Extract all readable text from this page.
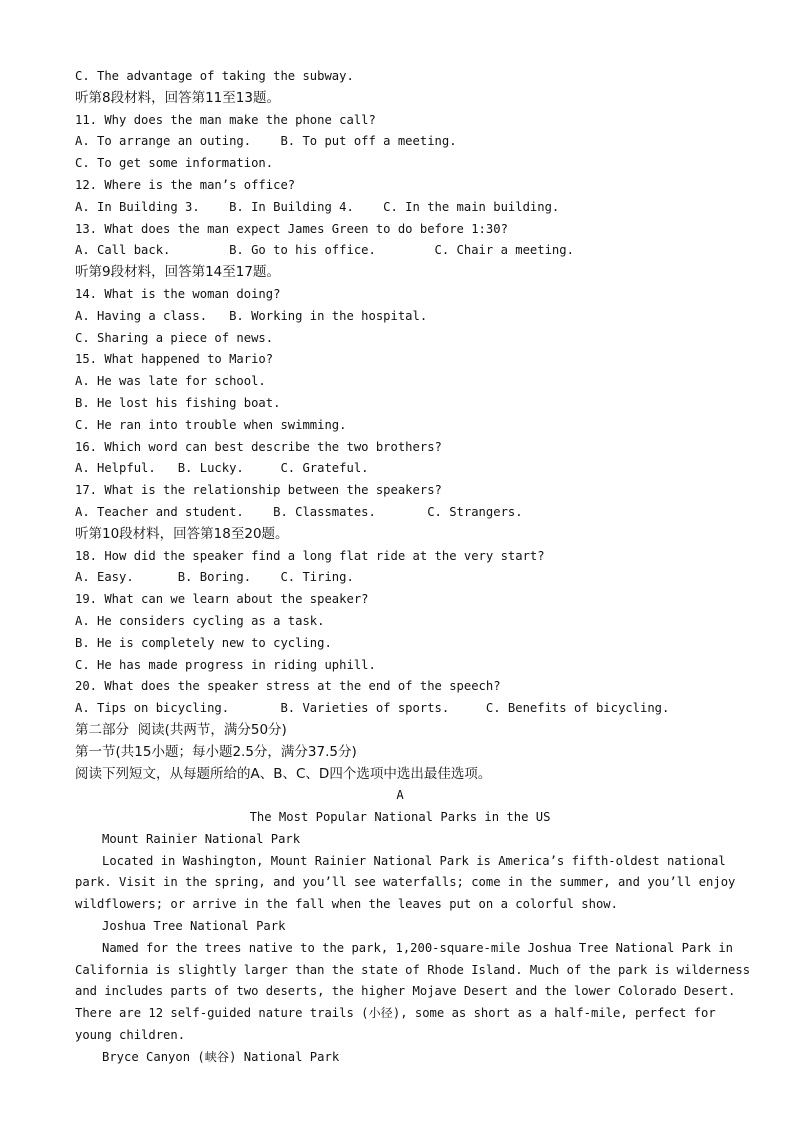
C. The advantage of taking the subway.
听第8段材料，回答第11至13题。
11. Why does the man make the phone call?
A. To arrange an outing.    B. To put off a meeting.
C. To get some information.
12. Where is the man’s office?
A. In Building 3.    B. In Building 4.    C. In the main building.
13. What does the man expect James Green to do before 1:30?
A. Call back.        B. Go to his office.        C. Chair a meeting.
听第9段材料，回答第14至17题。
14. What is the woman doing?
A. Having a class.   B. Working in the hospital.
C. Sharing a piece of news.
15. What happened to Mario?
A. He was late for school.
B. He lost his fishing boat.
C. He ran into trouble when swimming.
16. Which word can best describe the two brothers?
A. Helpful.   B. Lucky.     C. Grateful.
17. What is the relationship between the speakers?
A. Teacher and student.    B. Classmates.       C. Strangers.
听第10段材料，回答第18至20题。
18. How did the speaker find a long flat ride at the very start?
A. Easy.      B. Boring.    C. Tiring.
19. What can we learn about the speaker?
A. He considers cycling as a task.
B. He is completely new to cycling.
C. He has made progress in riding uphill.
20. What does the speaker stress at the end of the speech?
A. Tips on bicycling.       B. Varieties of sports.     C. Benefits of bicycling.
第二部分  阅读(共两节，满分50分)
第一节(共15小题；每小题2.5分，满分37.5分)
阅读下列短文，从每题所给的A、B、C、D四个选项中选出最佳选项。
A
The Most Popular National Parks in the US
Mount Rainier National Park
Located in Washington, Mount Rainier National Park is America’s fifth-oldest national
park. Visit in the spring, and you’ll see waterfalls; come in the summer, and you’ll enjoy
wildflowers; or arrive in the fall when the leaves put on a colorful show.
Joshua Tree National Park
Named for the trees native to the park, 1,200-square-mile Joshua Tree National Park in
California is slightly larger than the state of Rhode Island. Much of the park is wilderness
and includes parts of two deserts, the higher Mojave Desert and the lower Colorado Desert.
There are 12 self-guided nature trails (小径), some as short as a half-mile, perfect for
young children.
Bryce Canyon (峡谷) National Park
